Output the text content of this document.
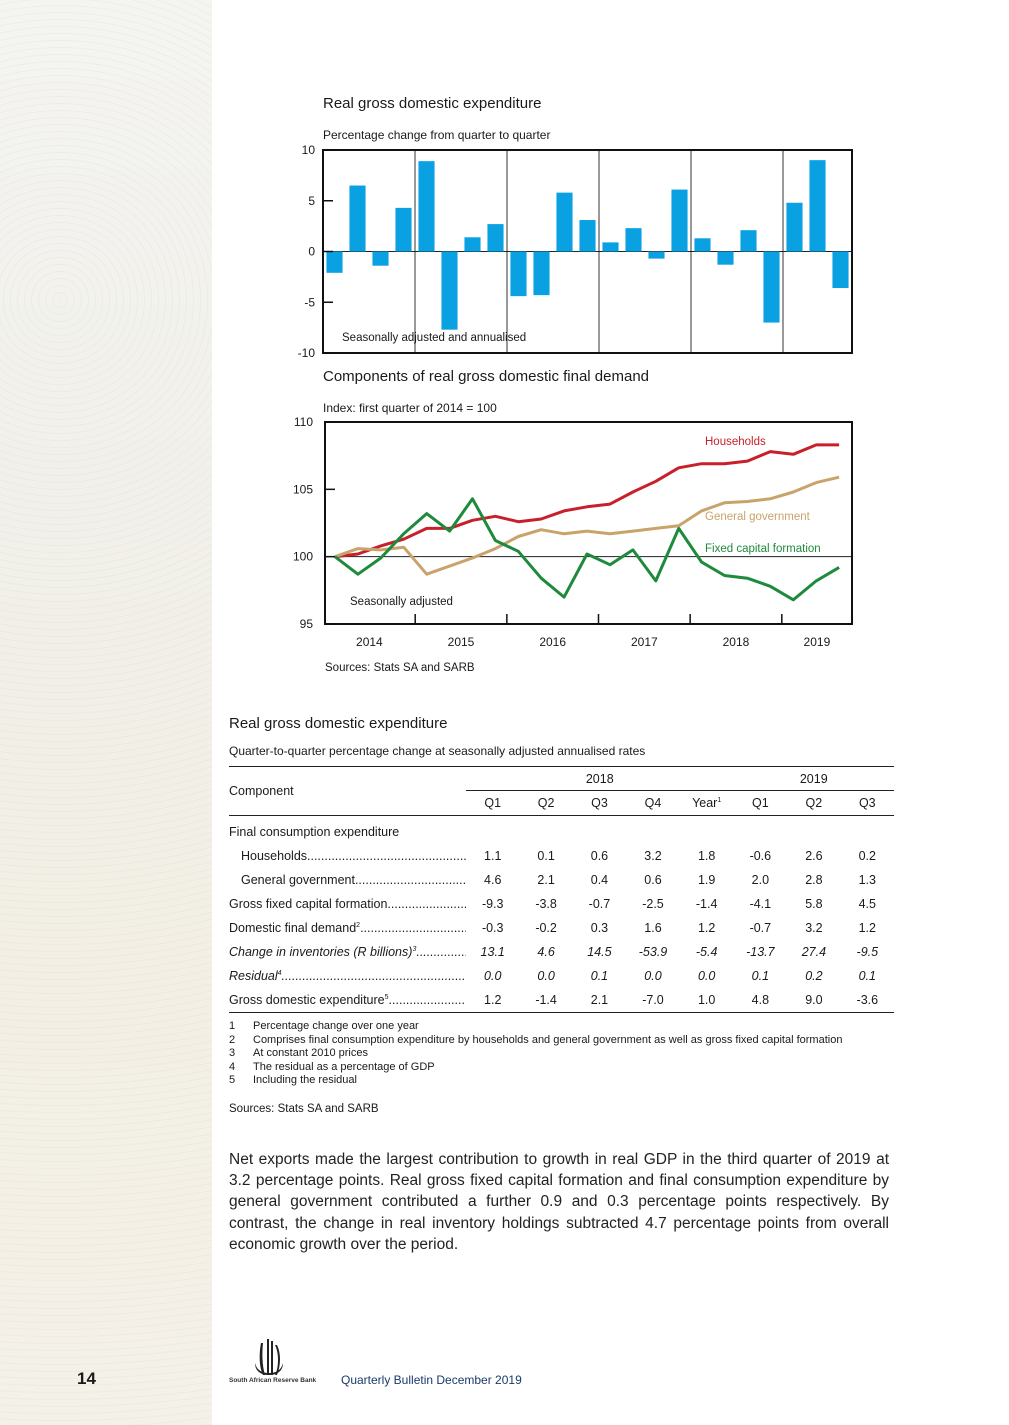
Real gross domestic expenditure
Percentage change from quarter to quarter
10
5
0
-5
-10
Seasonally adjusted and annualised
Components of real gross domestic final demand
Index: first quarter of 2014 = 100
Households
General government
Fixed capital formation
110
105
100
95
2014	2015	2016	2017	2018	2019
Seasonally adjusted
Sources: Stats SA and SARB
Real gross domestic expenditure
Quarter-to-quarter percentage change at seasonally adjusted annualised rates
Component	2018					2019		
	Q1	Q2	Q3	Q4	Year$^1$	Q1	Q2	Q3
Final consumption expenditure								
Households .....	1.1	0.1	0.6	3.2	1.8	-0.6	2.6	0.2
General government .....	4.6	2.1	0.4	0.6	1.9	2.0	2.8	1.3
Gross fixed capital formation .....	-9.3	-3.8	-0.7	-2.5	-1.4	-4.1	5.8	4.5
Domestic final demand$^2$ .....	-0.3	-0.2	0.3	1.6	1.2	-0.7	3.2	1.2
Change in inventories (R billions)$^3$ .....	13.1	4.6	14.5	-53.9	-5.4	-13.7	27.4	-9.5
Residual$^4$ .....	0.0	0.0	0.1	0.0	0.0	0.1	0.2	0.1
Gross domestic expenditure$^5$ .....	1.2	-1.4	2.1	-7.0	1.0	4.8	9.0	-3.6
1 Percentage change over one year
2 Comprises final consumption expenditure by households and general government as well as gross fixed capital formation
3 At constant 2010 prices
4 The residual as a percentage of GDP
5 Including the residual
Sources: Stats SA and SARB
Net exports made the largest contribution to growth in real GDP in the third quarter of 2019 at 3.2 percentage points. Real gross fixed capital formation and final consumption expenditure by general government contributed a further 0.9 and 0.3 percentage points respectively. By contrast, the change in real inventory holdings subtracted 4.7 percentage points from overall economic growth over the period.
14	South African Reserve Bank Quarterly Bulletin December 2019
